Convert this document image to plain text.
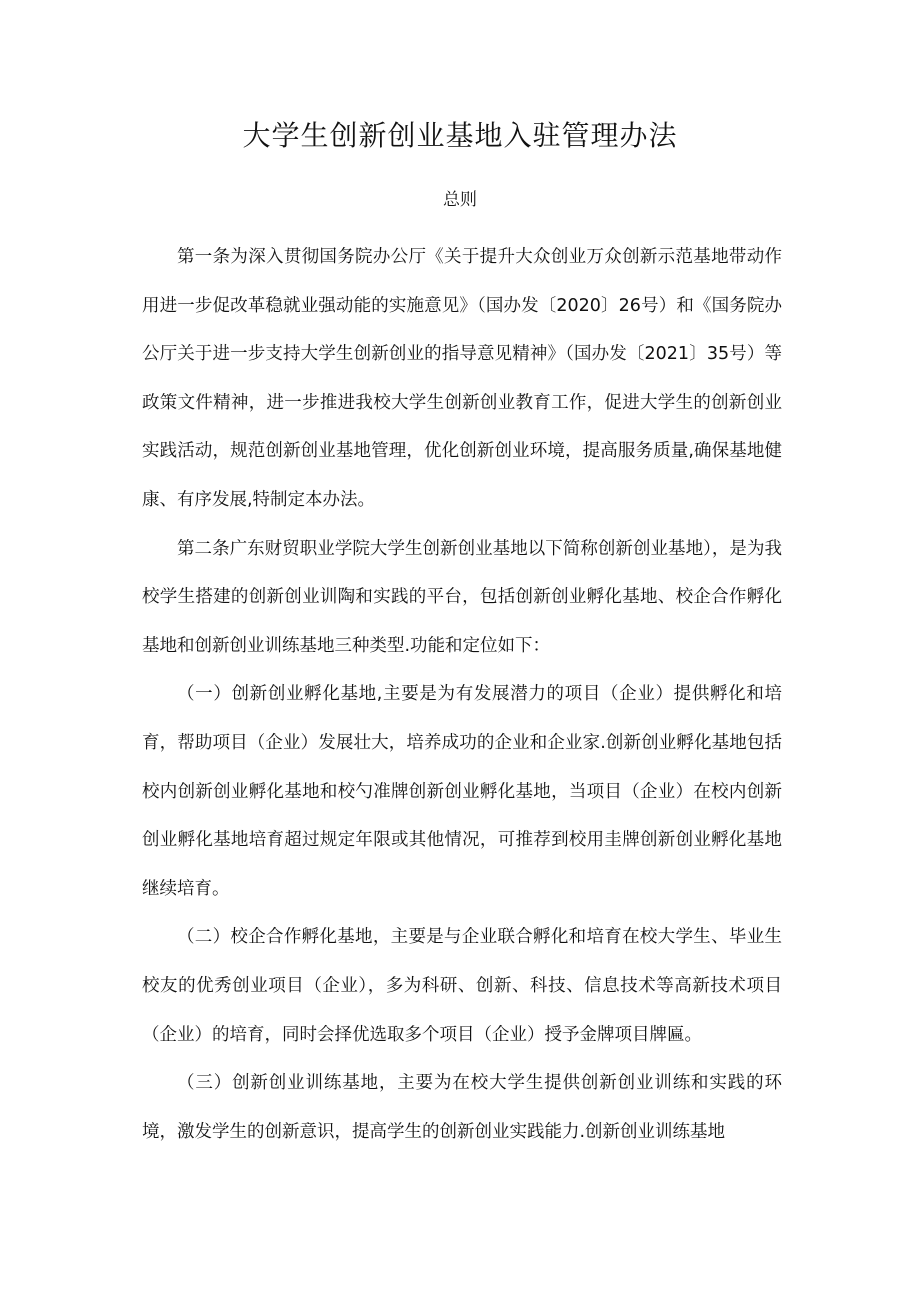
大学生创新创业基地入驻管理办法
总则

第一条为深入贯彻国务院办公厅《关于提升大众创业万众创新示范基地带动作用进一步促改革稳就业强动能的实施意见》（国办发〔2020〕26号）和《国务院办公厅关于进一步支持大学生创新创业的指导意见精神》（国办发〔2021〕35号）等政策文件精神，进一步推进我校大学生创新创业教育工作，促进大学生的创新创业实践活动，规范创新创业基地管理，优化创新创业环境，提高服务质量,确保基地健康、有序发展,特制定本办法。

第二条广东财贸职业学院大学生创新创业基地以下简称创新创业基地），是为我校学生搭建的创新创业训陶和实践的平台，包括创新创业孵化基地、校企合作孵化基地和创新创业训练基地三种类型.功能和定位如下：

（一）创新创业孵化基地,主要是为有发展潜力的项目（企业）提供孵化和培育，帮助项目（企业）发展壮大，培养成功的企业和企业家.创新创业孵化基地包括校内创新创业孵化基地和校勺准牌创新创业孵化基地，当项目（企业）在校内创新创业孵化基地培育超过规定年限或其他情况，可推荐到校用圭牌创新创业孵化基地继续培育。

（二）校企合作孵化基地，主要是与企业联合孵化和培育在校大学生、毕业生校友的优秀创业项目（企业），多为科研、创新、科技、信息技术等高新技术项目（企业）的培育，同时会择优选取多个项目（企业）授予金牌项目牌匾。

（三）创新创业训练基地，主要为在校大学生提供创新创业训练和实践的环境，激发学生的创新意识，提高学生的创新创业实践能力.创新创业训练基地
